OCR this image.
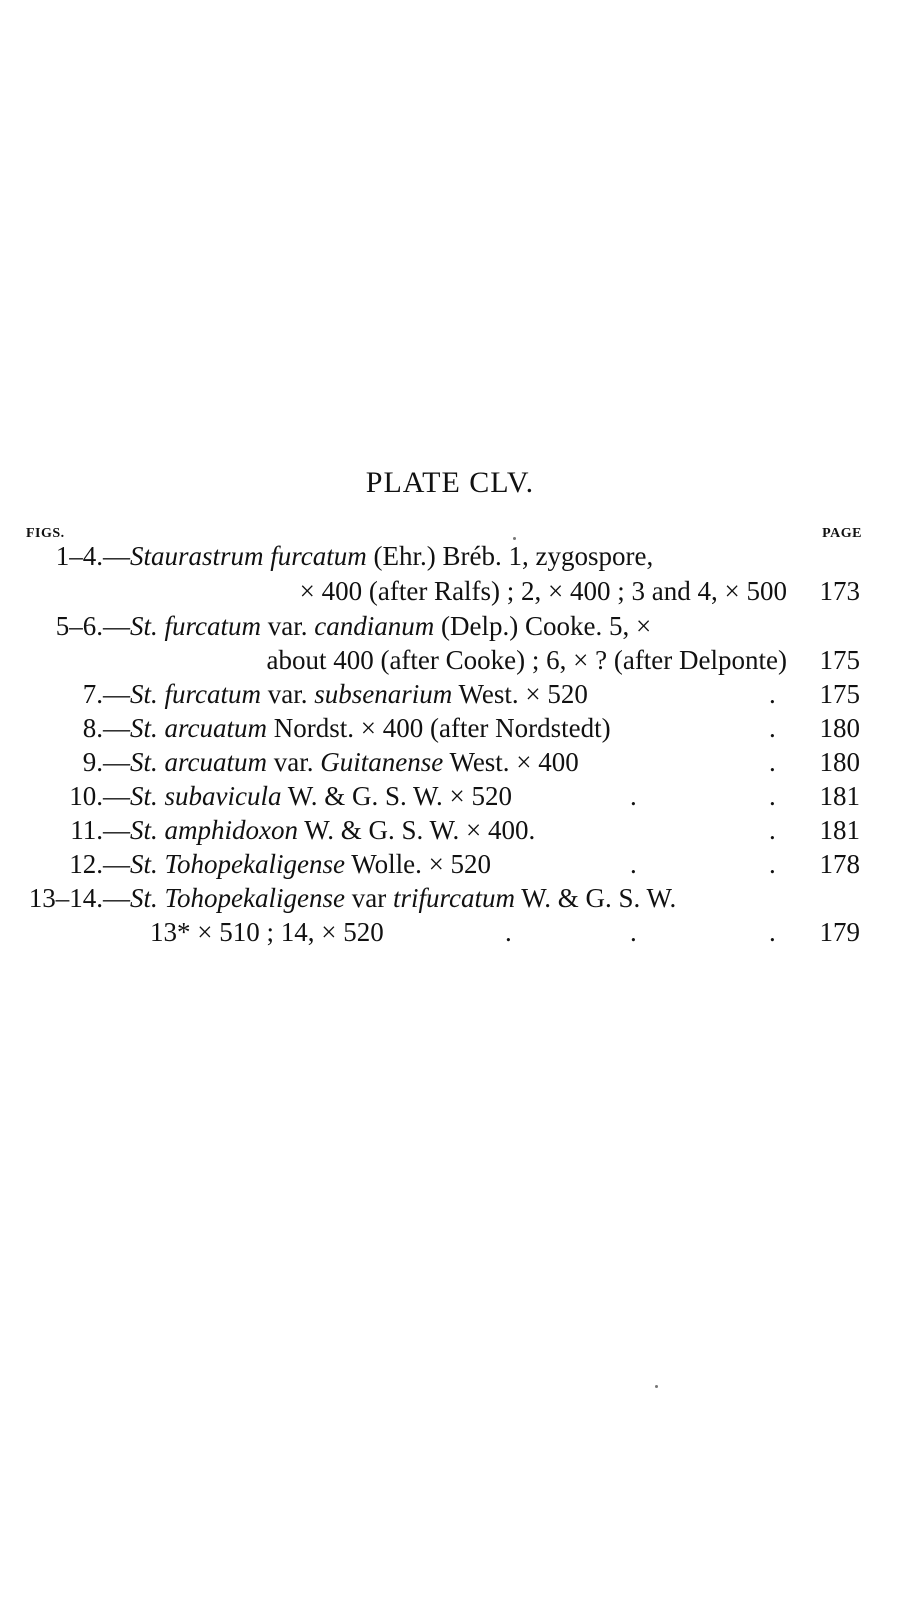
PLATE CLV.
FIGS.	PAGE
1–4.— Staurastrum furcatum (Ehr.) Bréb. 1, zygospore,
× 400 (after Ralfs) ; 2, × 400 ; 3 and 4, × 500 173
5–6.— St. furcatum var. candianum (Delp.) Cooke. 5, ×
about 400 (after Cooke) ; 6, × ? (after Delponte) 175
7.— St. furcatum var. subsenarium West. × 520	. 175
8.— St. arcuatum Nordst. × 400 (after Nordstedt)	. 180
9.— St. arcuatum var. Guitanense West. × 400	. 180
10.— St. subavicula W. & G. S. W. × 520	.	. 181
11.— St. amphidoxon W. & G. S. W. × 400.	. 181
12.— St. Tohopekaligense Wolle. × 520	.	. 178
13–14.— St. Tohopekaligense var trifurcatum W. & G. S. W.
13* × 510 ; 14, × 520	.	.	. 179
